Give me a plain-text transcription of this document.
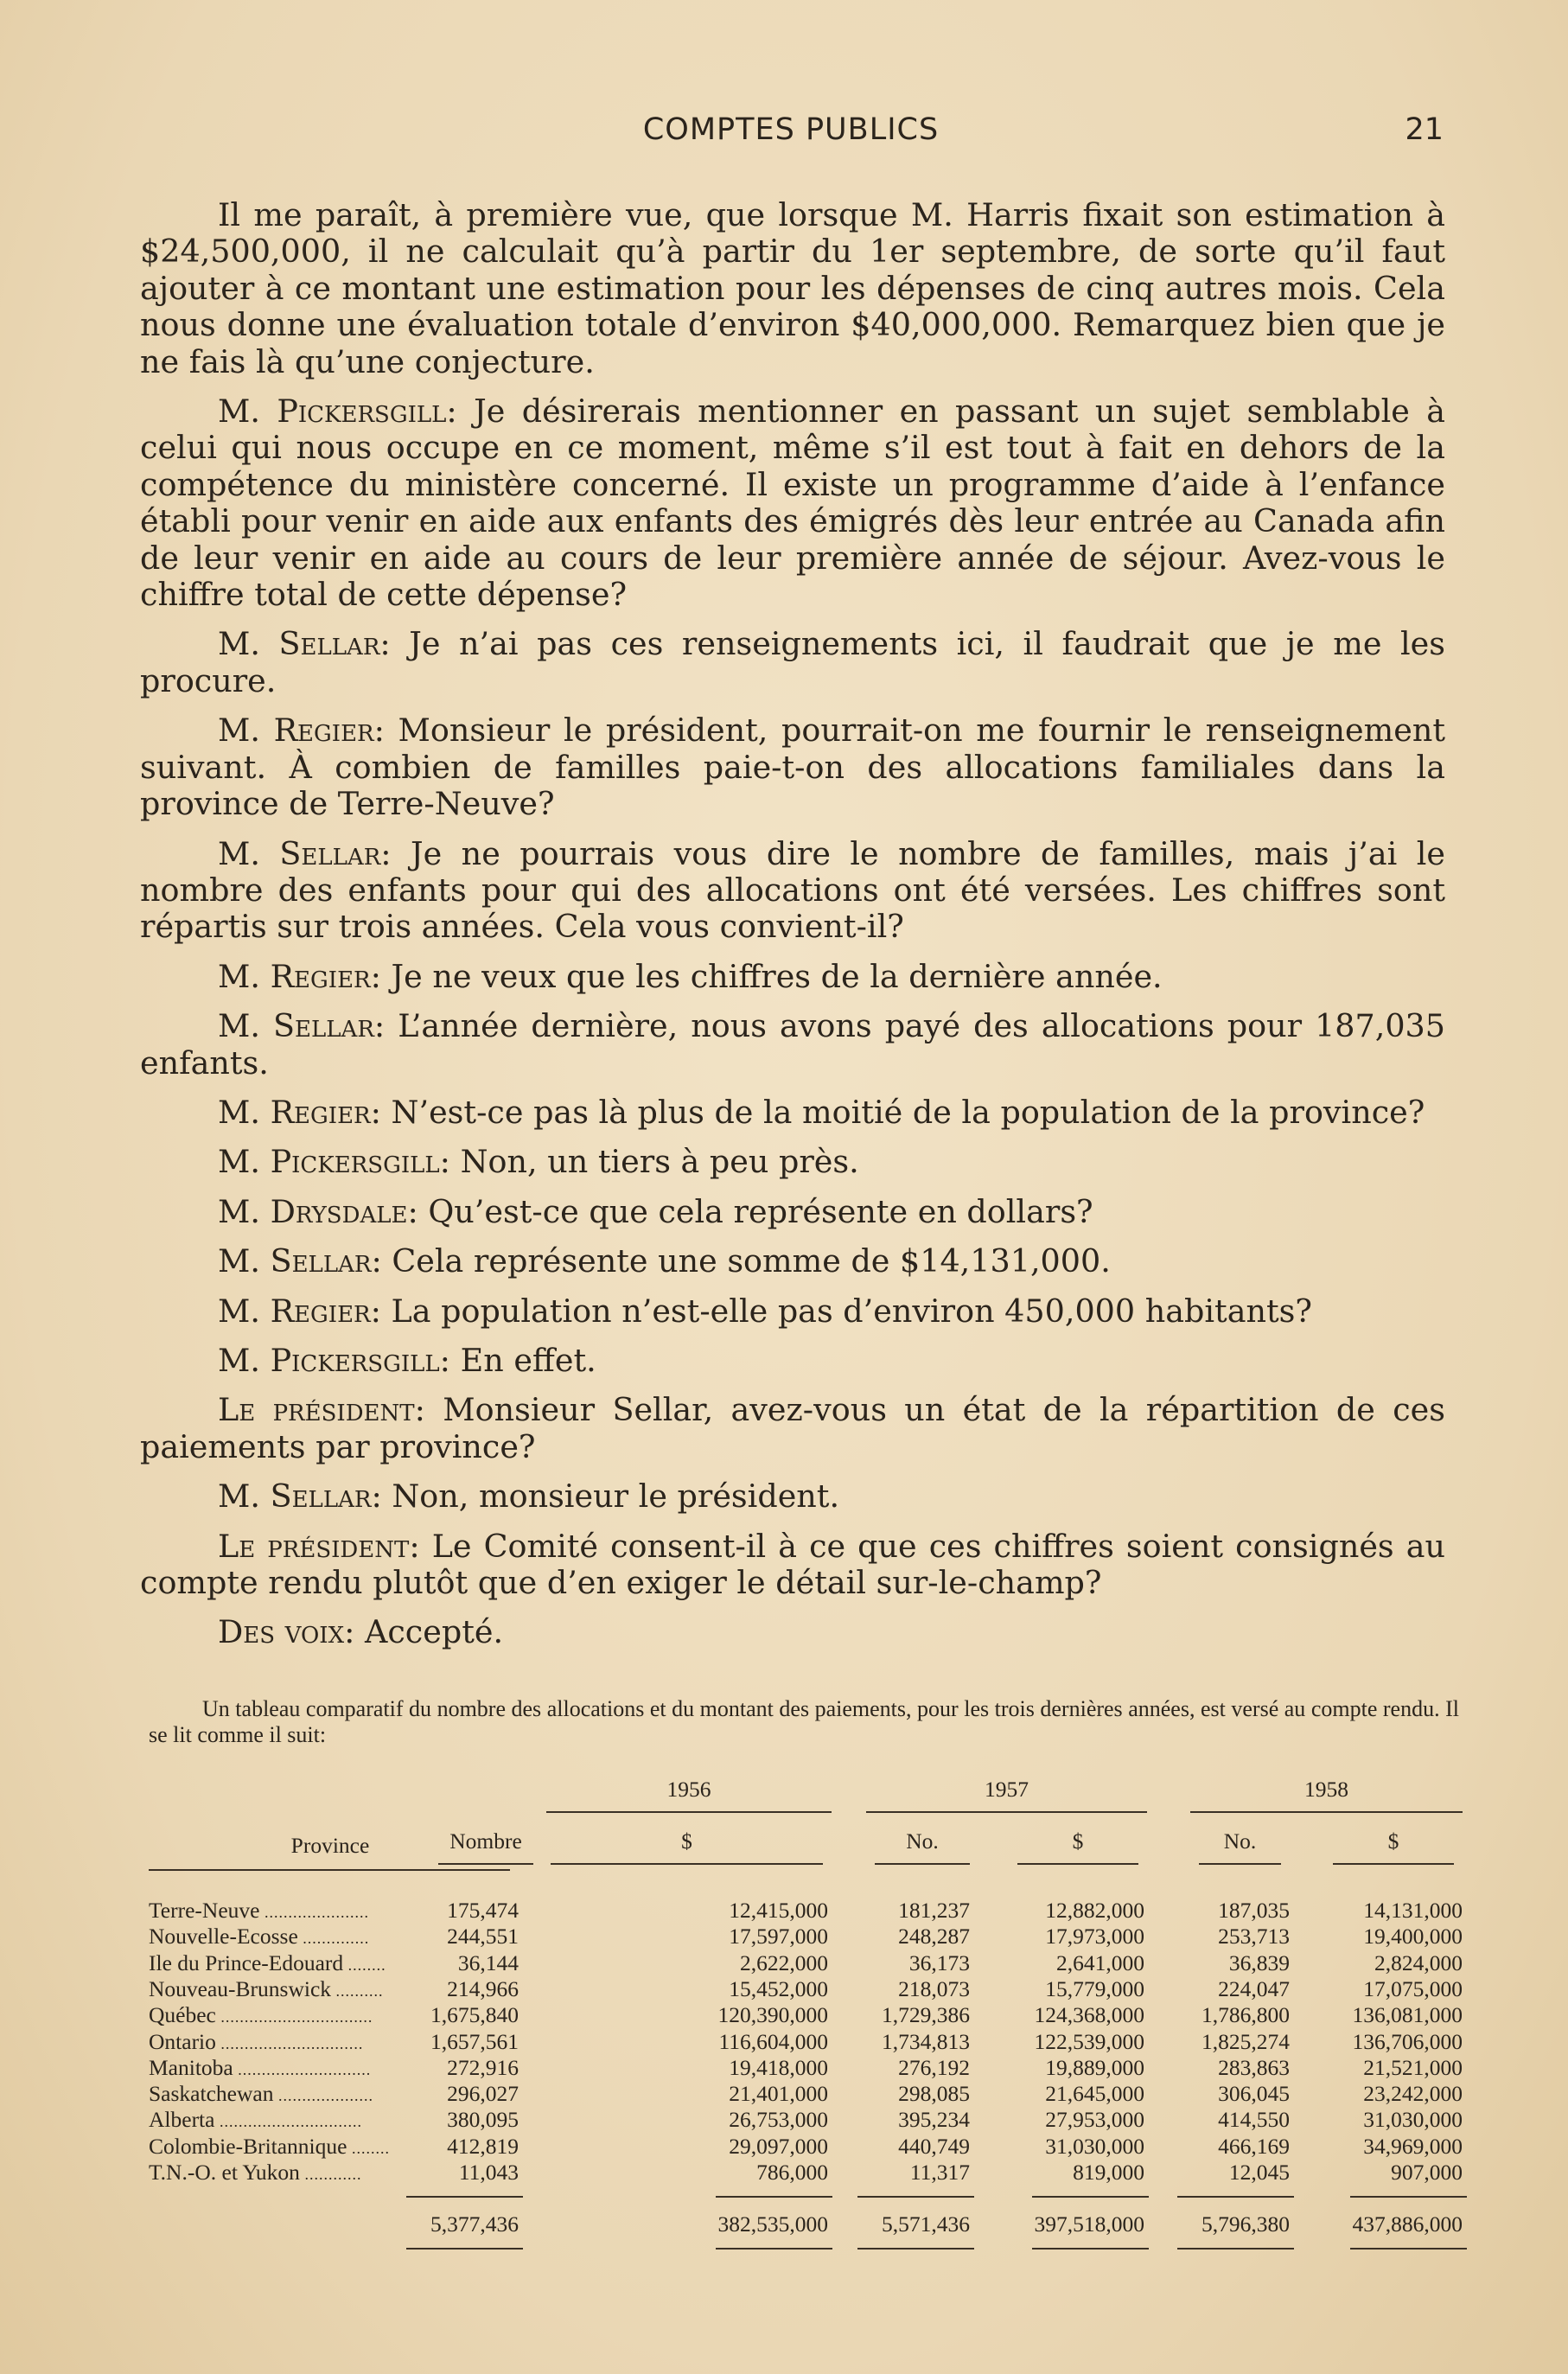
COMPTES PUBLICS	21

Il me paraît, à première vue, que lorsque M. Harris fixait son estimation à $24,500,000, il ne calculait qu’à partir du 1er septembre, de sorte qu’il faut ajouter à ce montant une estimation pour les dépenses de cinq autres mois. Cela nous donne une évaluation totale d’environ $40,000,000. Remarquez bien que je ne fais là qu’une conjecture.

M. Pickersgill: Je désirerais mentionner en passant un sujet semblable à celui qui nous occupe en ce moment, même s’il est tout à fait en dehors de la compétence du ministère concerné. Il existe un programme d’aide à l’enfance établi pour venir en aide aux enfants des émigrés dès leur entrée au Canada afin de leur venir en aide au cours de leur première année de séjour. Avez-vous le chiffre total de cette dépense?

M. Sellar: Je n’ai pas ces renseignements ici, il faudrait que je me les procure.

M. Regier: Monsieur le président, pourrait-on me fournir le renseignement suivant. À combien de familles paie-t-on des allocations familiales dans la province de Terre-Neuve?

M. Sellar: Je ne pourrais vous dire le nombre de familles, mais j’ai le nombre des enfants pour qui des allocations ont été versées. Les chiffres sont répartis sur trois années. Cela vous convient-il?

M. Regier: Je ne veux que les chiffres de la dernière année.

M. Sellar: L’année dernière, nous avons payé des allocations pour 187,035 enfants.

M. Regier: N’est-ce pas là plus de la moitié de la population de la province?

M. Pickersgill: Non, un tiers à peu près.

M. Drysdale: Qu’est-ce que cela représente en dollars?

M. Sellar: Cela représente une somme de $14,131,000.

M. Regier: La population n’est-elle pas d’environ 450,000 habitants?

M. Pickersgill: En effet.

Le président: Monsieur Sellar, avez-vous un état de la répartition de ces paiements par province?

M. Sellar: Non, monsieur le président.

Le président: Le Comité consent-il à ce que ces chiffres soient consignés au compte rendu plutôt que d’en exiger le détail sur-le-champ?

Des voix: Accepté.

Un tableau comparatif du nombre des allocations et du montant des paiements, pour les trois dernières années, est versé au compte rendu. Il se lit comme il suit:

1956	1957	1958
Province	Nombre	$	No.	$	No.	$
Terre-Neuve ......................	175,474	12,415,000	181,237	12,882,000	187,035	14,131,000
Nouvelle-Ecosse ..............	244,551	17,597,000	248,287	17,973,000	253,713	19,400,000
Ile du Prince-Edouard ........	36,144	2,622,000	36,173	2,641,000	36,839	2,824,000
Nouveau-Brunswick ..........	214,966	15,452,000	218,073	15,779,000	224,047	17,075,000
Québec ................................	1,675,840	120,390,000	1,729,386	124,368,000	1,786,800	136,081,000
Ontario ..............................	1,657,561	116,604,000	1,734,813	122,539,000	1,825,274	136,706,000
Manitoba ............................	272,916	19,418,000	276,192	19,889,000	283,863	21,521,000
Saskatchewan ....................	296,027	21,401,000	298,085	21,645,000	306,045	23,242,000
Alberta ..............................	380,095	26,753,000	395,234	27,953,000	414,550	31,030,000
Colombie-Britannique ........	412,819	29,097,000	440,749	31,030,000	466,169	34,969,000
T.N.-O. et Yukon ............	11,043	786,000	11,317	819,000	12,045	907,000
5,377,436	382,535,000	5,571,436	397,518,000	5,796,380	437,886,000
